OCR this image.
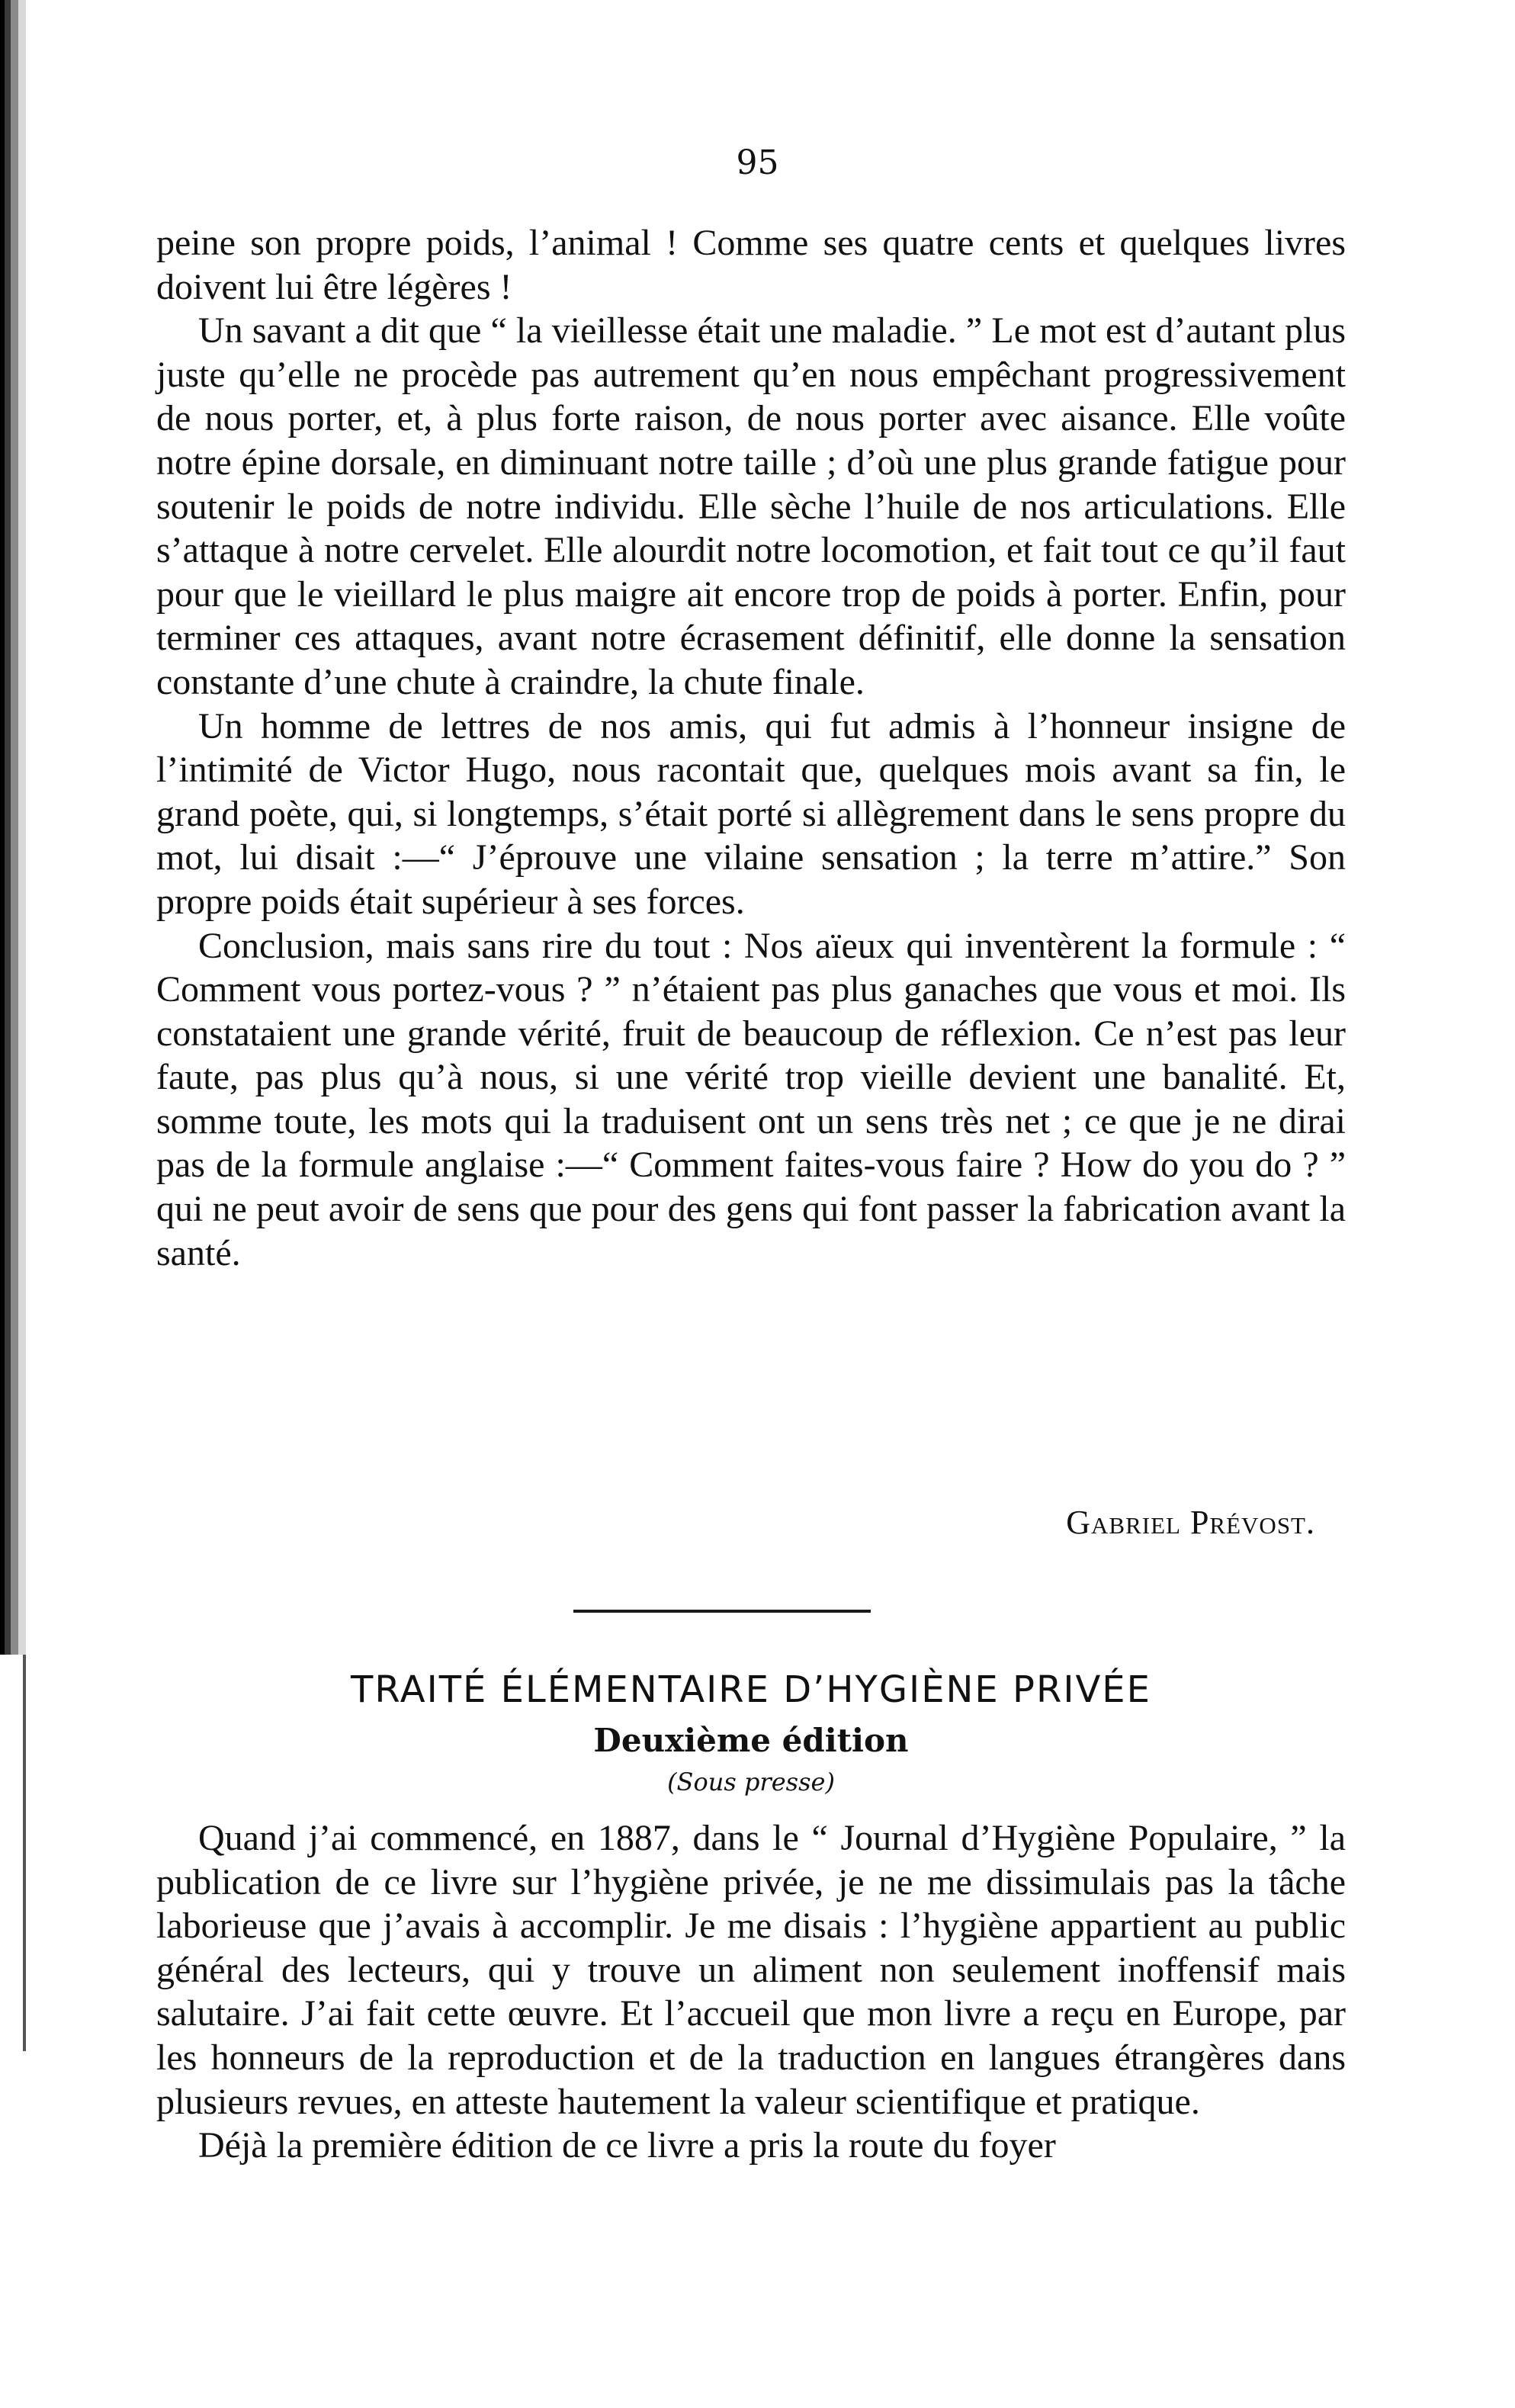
95

peine son propre poids, l’animal ! Comme ses quatre cents et quelques livres doivent lui être légères !

Un savant a dit que “ la vieillesse était une maladie. ” Le mot est d’autant plus juste qu’elle ne procède pas autrement qu’en nous empêchant progressivement de nous porter, et, à plus forte raison, de nous porter avec aisance. Elle voûte notre épine dorsale, en diminuant notre taille ; d’où une plus grande fatigue pour soutenir le poids de notre individu. Elle sèche l’huile de nos articulations. Elle s’attaque à notre cervelet. Elle alourdit notre locomotion, et fait tout ce qu’il faut pour que le vieillard le plus maigre ait encore trop de poids à porter. Enfin, pour terminer ces attaques, avant notre écrasement définitif, elle donne la sensation constante d’une chute à craindre, la chute finale.

Un homme de lettres de nos amis, qui fut admis à l’honneur insigne de l’intimité de Victor Hugo, nous racontait que, quelques mois avant sa fin, le grand poète, qui, si longtemps, s’était porté si allègrement dans le sens propre du mot, lui disait :—“ J’éprouve une vilaine sensation ; la terre m’attire.” Son propre poids était supérieur à ses forces.

Conclusion, mais sans rire du tout : Nos aïeux qui inventèrent la formule : “ Comment vous portez-vous ? ” n’étaient pas plus ganaches que vous et moi. Ils constataient une grande vérité, fruit de beaucoup de réflexion. Ce n’est pas leur faute, pas plus qu’à nous, si une vérité trop vieille devient une banalité. Et, somme toute, les mots qui la traduisent ont un sens très net ; ce que je ne dirai pas de la formule anglaise :—“ Comment faites-vous faire ? How do you do ? ” qui ne peut avoir de sens que pour des gens qui font passer la fabrication avant la santé.

Gabriel Prévost.
TRAITÉ ÉLÉMENTAIRE D’HYGIÈNE PRIVÉE
Deuxième édition
(Sous presse)

Quand j’ai commencé, en 1887, dans le “ Journal d’Hygiène Populaire, ” la publication de ce livre sur l’hygiène privée, je ne me dissimulais pas la tâche laborieuse que j’avais à accomplir. Je me disais : l’hygiène appartient au public général des lecteurs, qui y trouve un aliment non seulement inoffensif mais salutaire. J’ai fait cette œuvre. Et l’accueil que mon livre a reçu en Europe, par les honneurs de la reproduction et de la traduction en langues étrangères dans plusieurs revues, en atteste hautement la valeur scientifique et pratique.

Déjà la première édition de ce livre a pris la route du foyer
